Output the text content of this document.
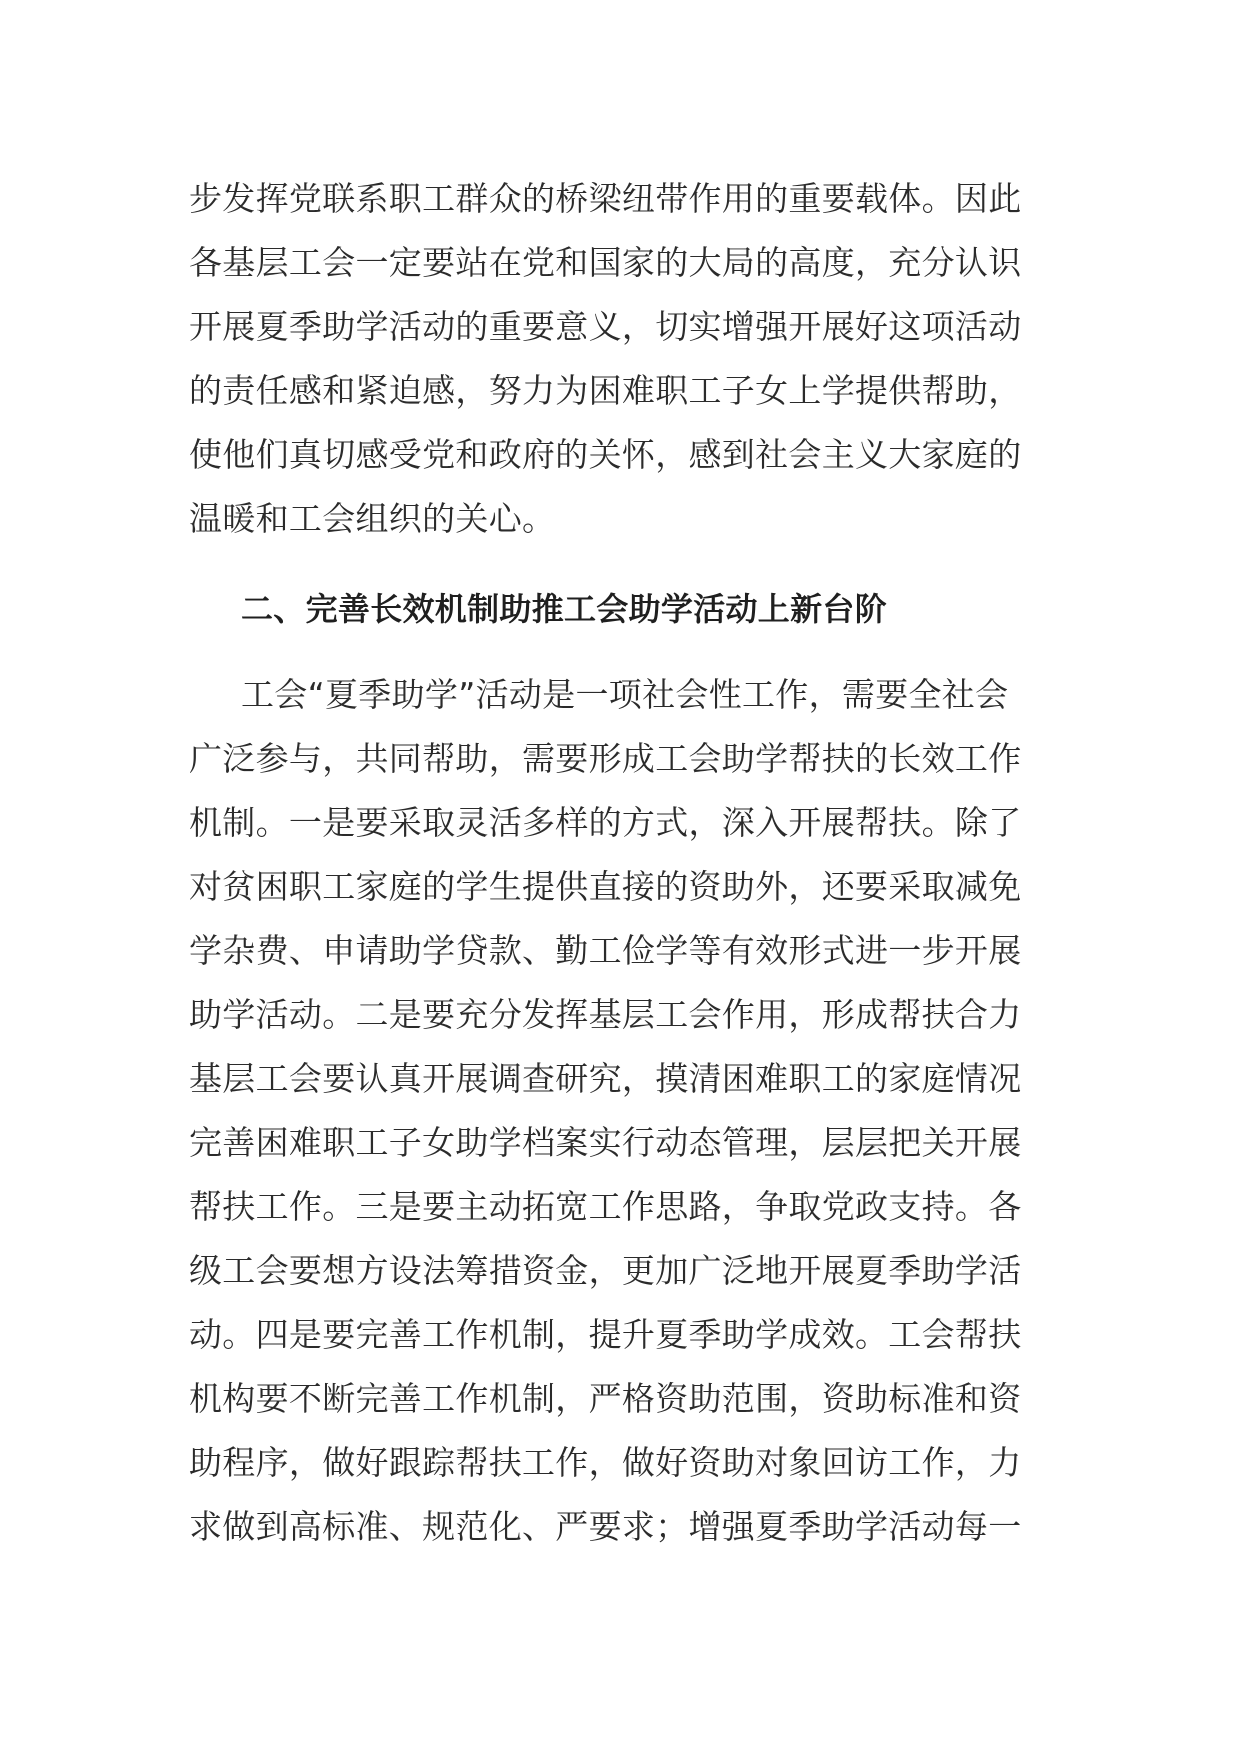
步发挥党联系职工群众的桥梁纽带作用的重要载体。因此
各基层工会一定要站在党和国家的大局的高度，充分认识
开展夏季助学活动的重要意义，切实增强开展好这项活动
的责任感和紧迫感，努力为困难职工子女上学提供帮助，
使他们真切感受党和政府的关怀，感到社会主义大家庭的
温暖和工会组织的关心。
二、完善长效机制助推工会助学活动上新台阶
工会“夏季助学”活动是一项社会性工作，需要全社会
广泛参与，共同帮助，需要形成工会助学帮扶的长效工作
机制。一是要采取灵活多样的方式，深入开展帮扶。除了
对贫困职工家庭的学生提供直接的资助外，还要采取减免
学杂费、申请助学贷款、勤工俭学等有效形式进一步开展
助学活动。二是要充分发挥基层工会作用，形成帮扶合力
基层工会要认真开展调查研究，摸清困难职工的家庭情况
完善困难职工子女助学档案实行动态管理，层层把关开展
帮扶工作。三是要主动拓宽工作思路，争取党政支持。各
级工会要想方设法筹措资金，更加广泛地开展夏季助学活
动。四是要完善工作机制，提升夏季助学成效。工会帮扶
机构要不断完善工作机制，严格资助范围，资助标准和资
助程序，做好跟踪帮扶工作，做好资助对象回访工作，力
求做到高标准、规范化、严要求；增强夏季助学活动每一
